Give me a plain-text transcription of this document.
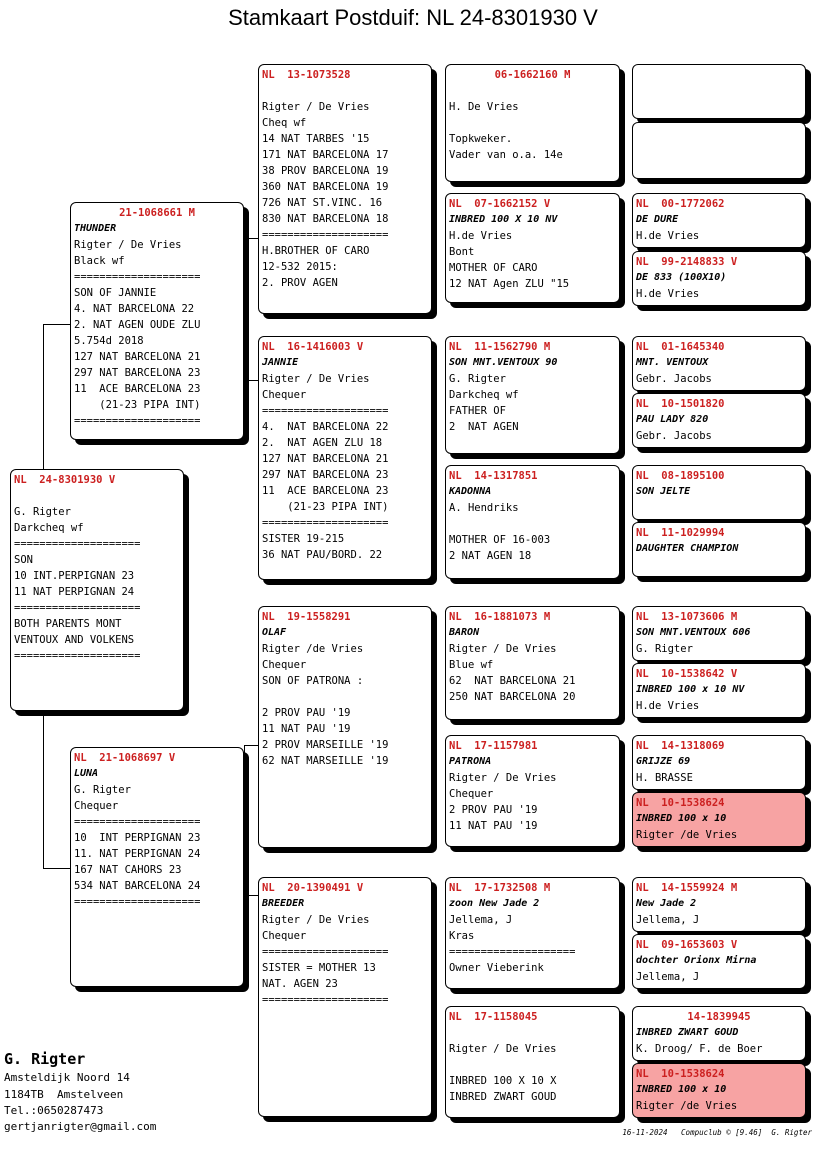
Stamkaart Postduif: NL 24-8301930 V
NL  24-8301930 V
G. Rigter
Darkcheq wf
====================
SON
10 INT.PERPIGNAN 23
11 NAT PERPIGNAN 24
====================
BOTH PARENTS MONT
VENTOUX AND VOLKENS
====================
21-1068661 M
THUNDER
Rigter / De Vries
Black wf
====================
SON OF JANNIE
4. NAT BARCELONA 22
2. NAT AGEN OUDE ZLU
5.754d 2018
127 NAT BARCELONA 21
297 NAT BARCELONA 23
11  ACE BARCELONA 23
(21-23 PIPA INT)
====================
NL  21-1068697 V
LUNA
G. Rigter
Chequer
====================
10  INT PERPIGNAN 23
11. NAT PERPIGNAN 24
167 NAT CAHORS 23
534 NAT BARCELONA 24
====================
NL  13-1073528
Rigter / De Vries
Cheq wf
14 NAT TARBES '15
171 NAT BARCELONA 17
38 PROV BARCELONA 19
360 NAT BARCELONA 19
726 NAT ST.VINC. 16
830 NAT BARCELONA 18
====================
H.BROTHER OF CARO
12-532 2015:
2. PROV AGEN
NL  16-1416003 V
JANNIE
Rigter / De Vries
Chequer
====================
4.  NAT BARCELONA 22
2.  NAT AGEN ZLU 18
127 NAT BARCELONA 21
297 NAT BARCELONA 23
11  ACE BARCELONA 23
(21-23 PIPA INT)
====================
SISTER 19-215
36 NAT PAU/BORD. 22
NL  19-1558291
OLAF
Rigter /de Vries
Chequer
SON OF PATRONA :
2 PROV PAU '19
11 NAT PAU '19
2 PROV MARSEILLE '19
62 NAT MARSEILLE '19
NL  20-1390491 V
BREEDER
Rigter / De Vries
Chequer
====================
SISTER = MOTHER 13
NAT. AGEN 23
====================
06-1662160 M
H. De Vries
Topkweker.
Vader van o.a. 14e
NL  07-1662152 V
INBRED 100 X 10 NV
H.de Vries
Bont
MOTHER OF CARO
12 NAT Agen ZLU "15
NL  11-1562790 M
SON MNT.VENTOUX 90
G. Rigter
Darkcheq wf
FATHER OF
2  NAT AGEN
NL  14-1317851
KADONNA
A. Hendriks
MOTHER OF 16-003
2 NAT AGEN 18
NL  16-1881073 M
BARON
Rigter / De Vries
Blue wf
62  NAT BARCELONA 21
250 NAT BARCELONA 20
NL  17-1157981
PATRONA
Rigter / De Vries
Chequer
2 PROV PAU '19
11 NAT PAU '19
NL  17-1732508 M
zoon New Jade 2
Jellema, J
Kras
====================
Owner Vieberink
NL  17-1158045
Rigter / De Vries
INBRED 100 X 10 X
INBRED ZWART GOUD
NL  00-1772062
DE DURE
H.de Vries
NL  99-2148833 V
DE 833 (100X10)
H.de Vries
NL  01-1645340
MNT. VENTOUX
Gebr. Jacobs
NL  10-1501820
PAU LADY 820
Gebr. Jacobs
NL  08-1895100
SON JELTE
NL  11-1029994
DAUGHTER CHAMPION
NL  13-1073606 M
SON MNT.VENTOUX 606
G. Rigter
NL  10-1538642 V
INBRED 100 x 10 NV
H.de Vries
NL  14-1318069
GRIJZE 69
H. BRASSE
NL  10-1538624
INBRED 100 x 10
Rigter /de Vries
NL  14-1559924 M
New Jade 2
Jellema, J
NL  09-1653603 V
dochter Orionx Mirna
Jellema, J
14-1839945
INBRED ZWART GOUD
K. Droog/ F. de Boer
NL  10-1538624
INBRED 100 x 10
Rigter /de Vries

G. Rigter
Amsteldijk Noord 14
1184TB  Amstelveen
Tel.:0650287473
gertjanrigter@gmail.com	16-11-2024   Compuclub © [9.46]  G. Rigter
